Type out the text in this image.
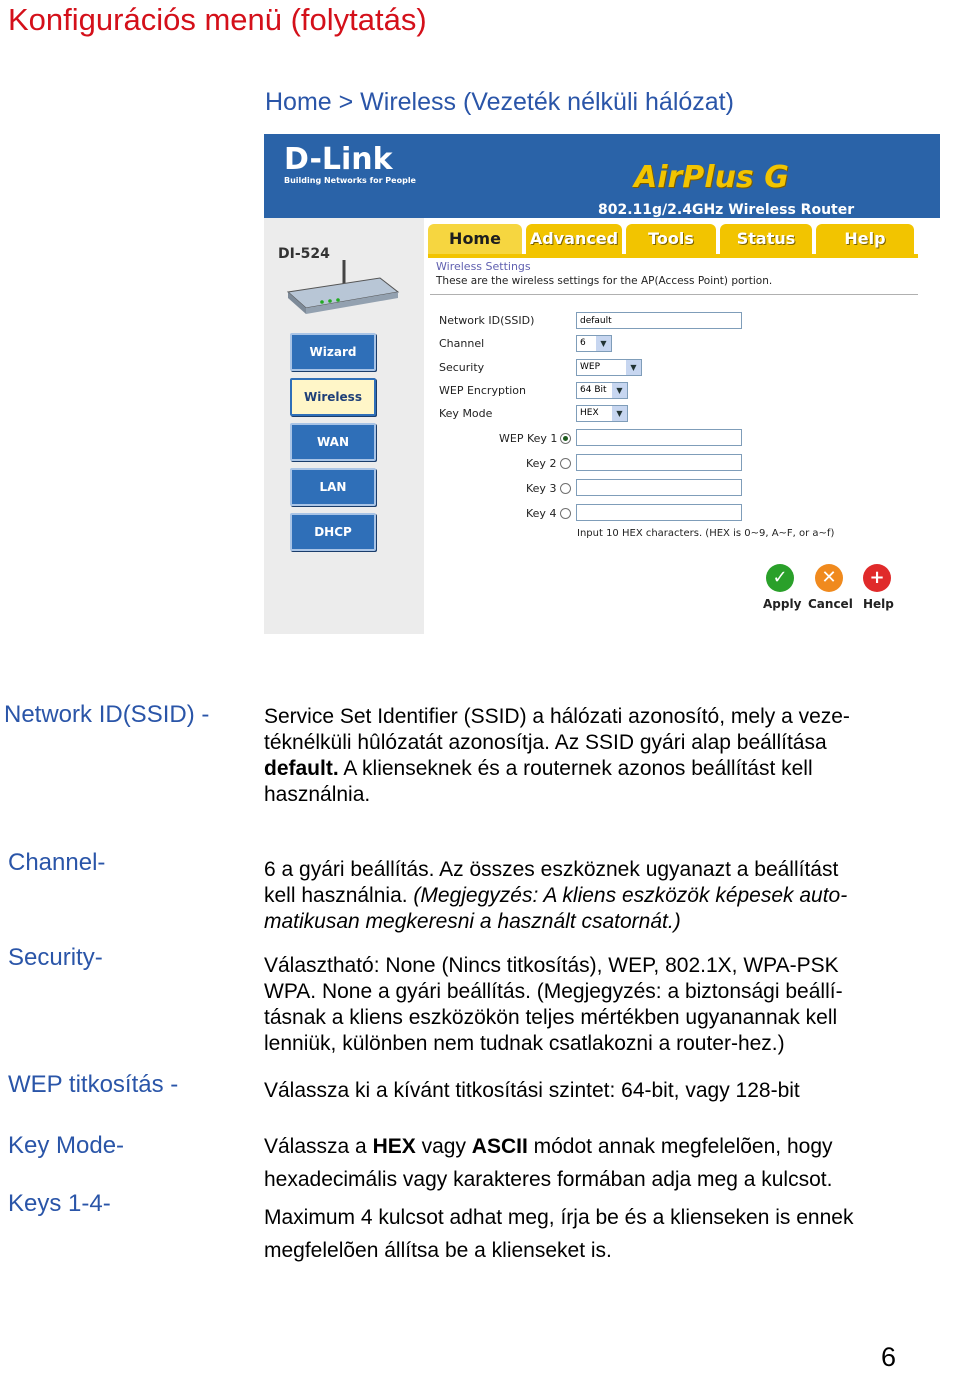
Konfigurációs menü (folytatás)
Home > Wireless (Vezeték nélküli hálózat)
D-Link
Building Networks for People	AirPlus G
802.11g/2.4GHz Wireless Router
Home	Advanced	Tools	Status	Help
DI-524
Wizard
Wireless
WAN
LAN
DHCP
Wireless Settings
These are the wireless settings for the AP(Access Point) portion.
Network ID(SSID)	default
Channel	6	▼
Security	WEP	▼
WEP Encryption	64 Bit	▼
Key Mode	HEX	▼
WEP Key 1
Key 2
Key 3
Key 4
Input 10 HEX characters. (HEX is 0~9, A~F, or a~f)
✓
Apply
✕
Cancel
+
Help
Network ID(SSID) -	Service Set Identifier (SSID) a hálózati azonosító, mely a veze-
téknélküli hûlózatát azonosítja. Az SSID gyári alap beállítása
default. A klienseknek és a routernek azonos beállítást kell
használnia.
Channel-	6 a gyári beállítás. Az összes eszköznek ugyanazt a beállítást
kell használnia. (Megjegyzés: A kliens eszközök képesek auto-
matikusan megkeresni a használt csatornát.)
Security-	Választható: None (Nincs titkosítás), WEP, 802.1X, WPA-PSK
WPA. None a gyári beállítás. (Megjegyzés: a biztonsági beállí-
tásnak a kliens eszközökön teljes mértékben ugyanannak kell
lenniük, különben nem tudnak csatlakozni a router-hez.)
WEP titkosítás -	Válassza ki a kívánt titkosítási szintet: 64-bit, vagy 128-bit
Key Mode-	Válassza a HEX vagy ASCII módot annak megfelelõen, hogy
hexadecimális vagy karakteres formában adja meg a kulcsot.
Keys 1-4-
Maximum 4 kulcsot adhat meg, írja be és a klienseken is ennek
megfelelõen állítsa be a klienseket is.
6
